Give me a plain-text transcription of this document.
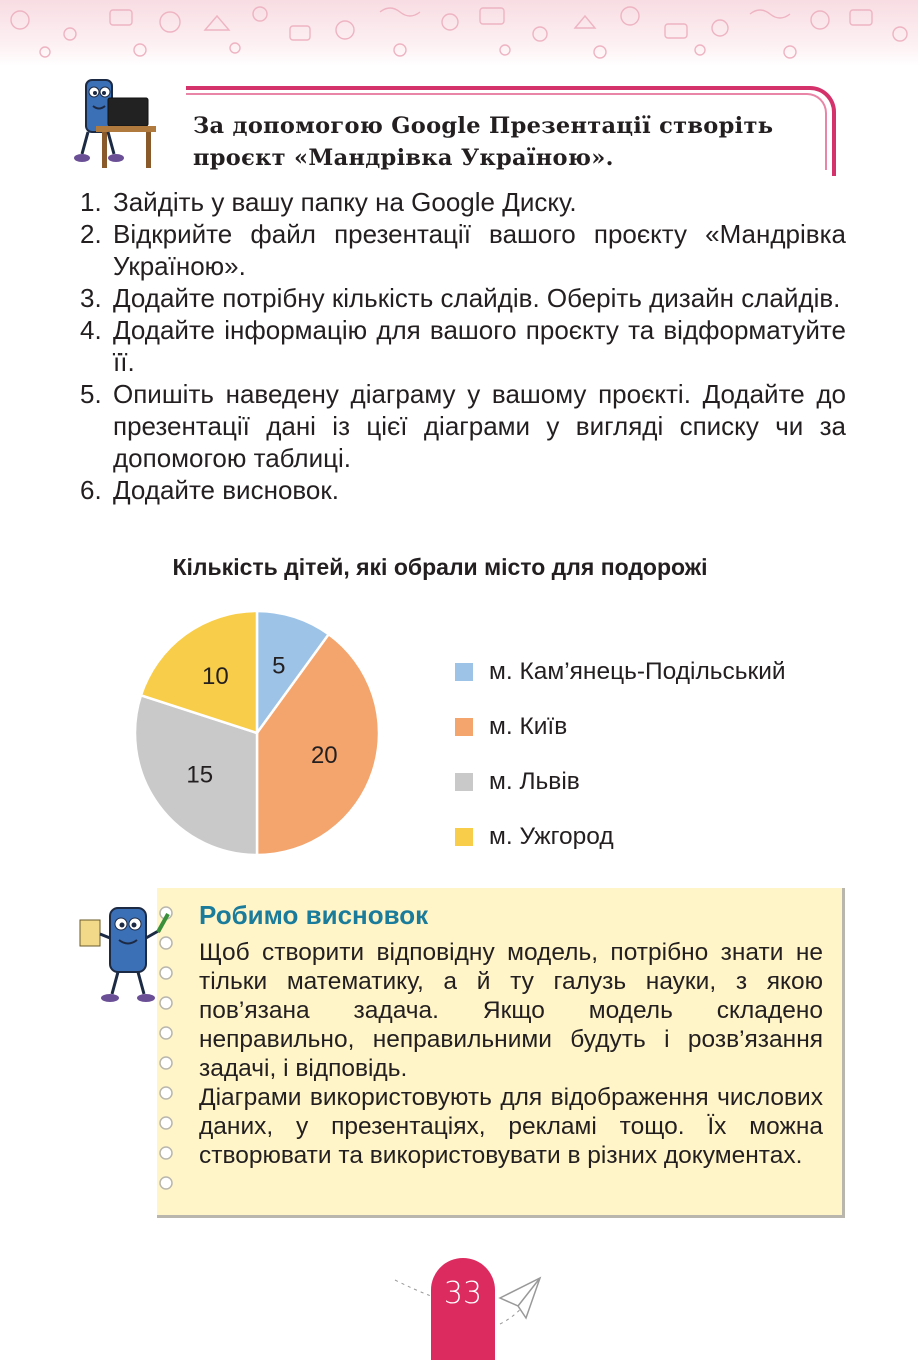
За допомогою Google Презентації створіть
проєкт «Мандрівка Україною».

1. Зайдіть у вашу папку на Google Диску.
2. Відкрийте файл презентації вашого проєкту «Мандрівка Україною».
3. Додайте потрібну кількість слайдів. Оберіть дизайн слайдів.
4. Додайте інформацію для вашого проєкту та відформатуйте її.
5. Опишіть наведену діаграму у вашому проєкті. Додайте до презентації дані із цієї діаграми у вигляді списку чи за допомогою таблиці.
6. Додайте висновок.

Кількість дітей, які обрали місто для подорожі

5
20
15
10	м. Кам’янець-Подільський
м. Київ
м. Львів
м. Ужгород

Робимо висновок

Щоб створити відповідну модель, потрібно знати не тільки математику, а й ту галузь науки, з якою пов’язана задача. Якщо модель складено неправильно, неправильними будуть і розв’язання задачі, і відповідь.

Діаграми використовують для відображення числових даних, у презентаціях, рекламі тощо. Їх можна створювати та використовувати в різних документах.

33
